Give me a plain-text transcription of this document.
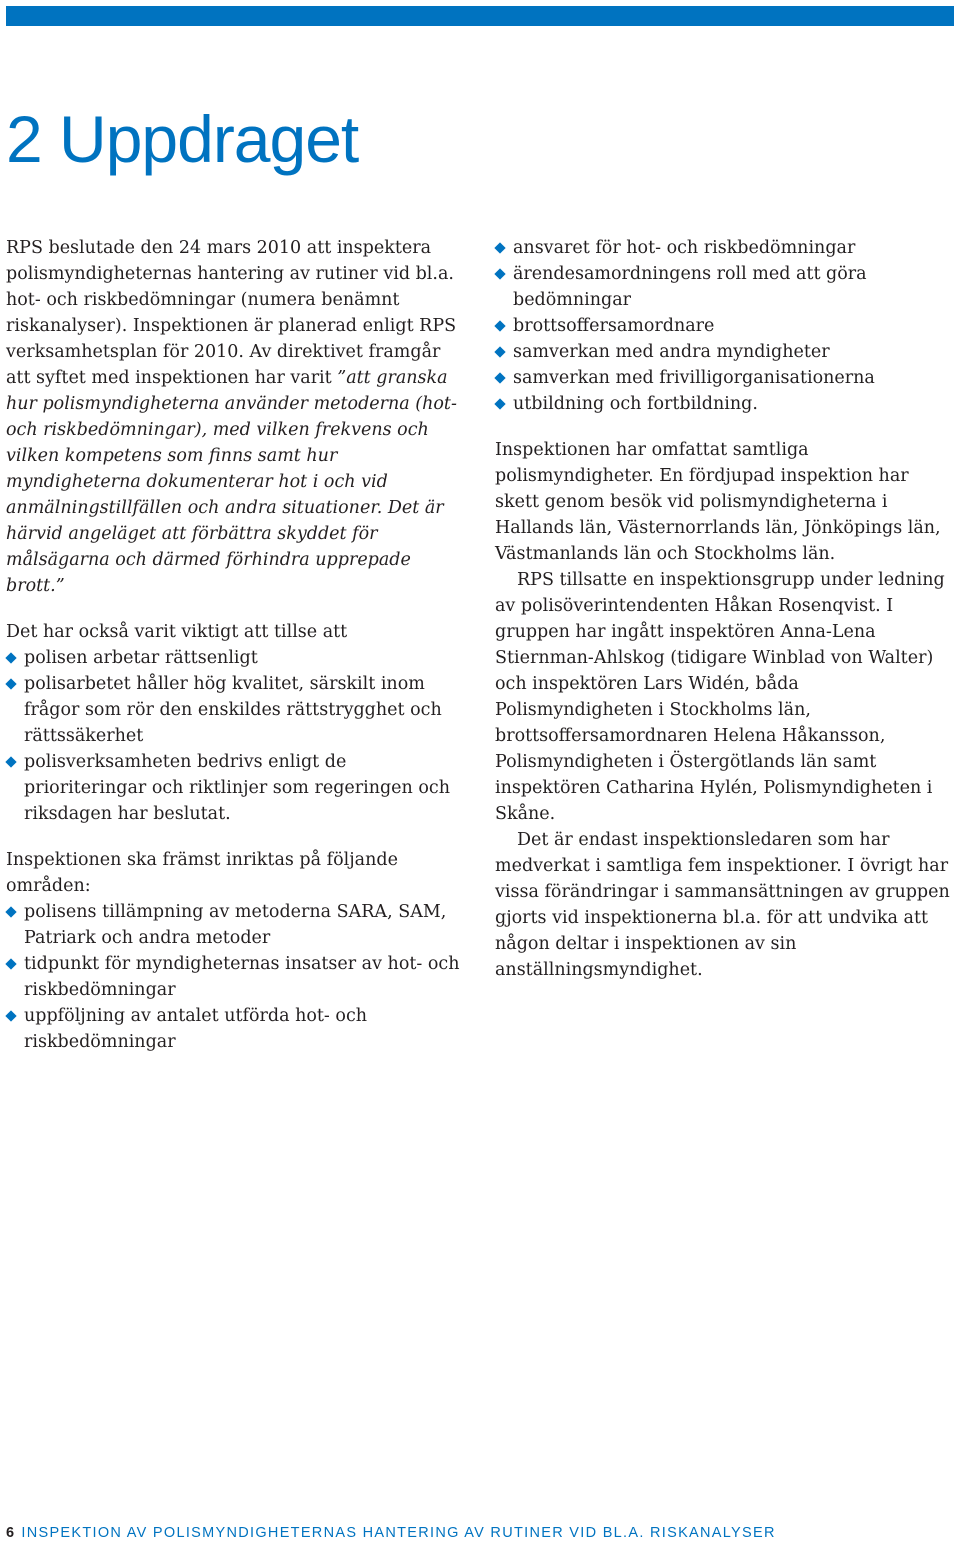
2 Uppdraget

RPS beslutade den 24 mars 2010 att inspektera polismyndigheternas hantering av rutiner vid bl.a. hot- och riskbedömningar (numera benämnt riskanalyser). Inspektionen är planerad enligt RPS verksamhetsplan för 2010. Av direktivet framgår att syftet med inspektionen har varit ”att granska hur polismyndigheterna använder metoderna (hot- och riskbedömningar), med vilken frekvens och vilken kompetens som finns samt hur myndigheterna dokumenterar hot i och vid anmälningstillfällen och andra situationer. Det är härvid angeläget att förbättra skyddet för målsägarna och därmed förhindra upprepade brott.”

Det har också varit viktigt att tillse att

polisen arbetar rättsenligt
polisarbetet håller hög kvalitet, särskilt inom frågor som rör den enskildes rättstrygghet och rättssäkerhet
polisverksamheten bedrivs enligt de prioriteringar och riktlinjer som regeringen och riksdagen har beslutat.

Inspektionen ska främst inriktas på följande områden:

polisens tillämpning av metoderna SARA, SAM, Patriark och andra metoder
tidpunkt för myndigheternas insatser av hot- och riskbedömningar
uppföljning av antalet utförda hot- och riskbedömningar
ansvaret för hot- och riskbedömningar
ärendesamordningens roll med att göra bedömningar
brottsoffersamordnare
samverkan med andra myndigheter
samverkan med frivilligorganisationerna
utbildning och fortbildning.

Inspektionen har omfattat samtliga polismyndigheter. En fördjupad inspektion har skett genom besök vid polismyndigheterna i Hallands län, Västernorrlands län, Jönköpings län, Västmanlands län och Stockholms län.

RPS tillsatte en inspektionsgrupp under ledning av polisöverintendenten Håkan Rosenqvist. I gruppen har ingått inspektören Anna-Lena Stiernman-Ahlskog (tidigare Winblad von Walter) och inspektören Lars Widén, båda Polismyndigheten i Stockholms län, brottsoffersamordnaren Helena Håkansson, Polismyndigheten i Östergötlands län samt inspektören Catharina Hylén, Polismyndigheten i Skåne.

Det är endast inspektionsledaren som har medverkat i samtliga fem inspektioner. I övrigt har vissa förändringar i sammansättningen av gruppen gjorts vid inspektionerna bl.a. för att undvika att någon deltar i inspektionen av sin anställningsmyndighet.

6 INSPEKTION AV POLISMYNDIGHETERNAS HANTERING AV RUTINER VID BL.A. RISKANALYSER
